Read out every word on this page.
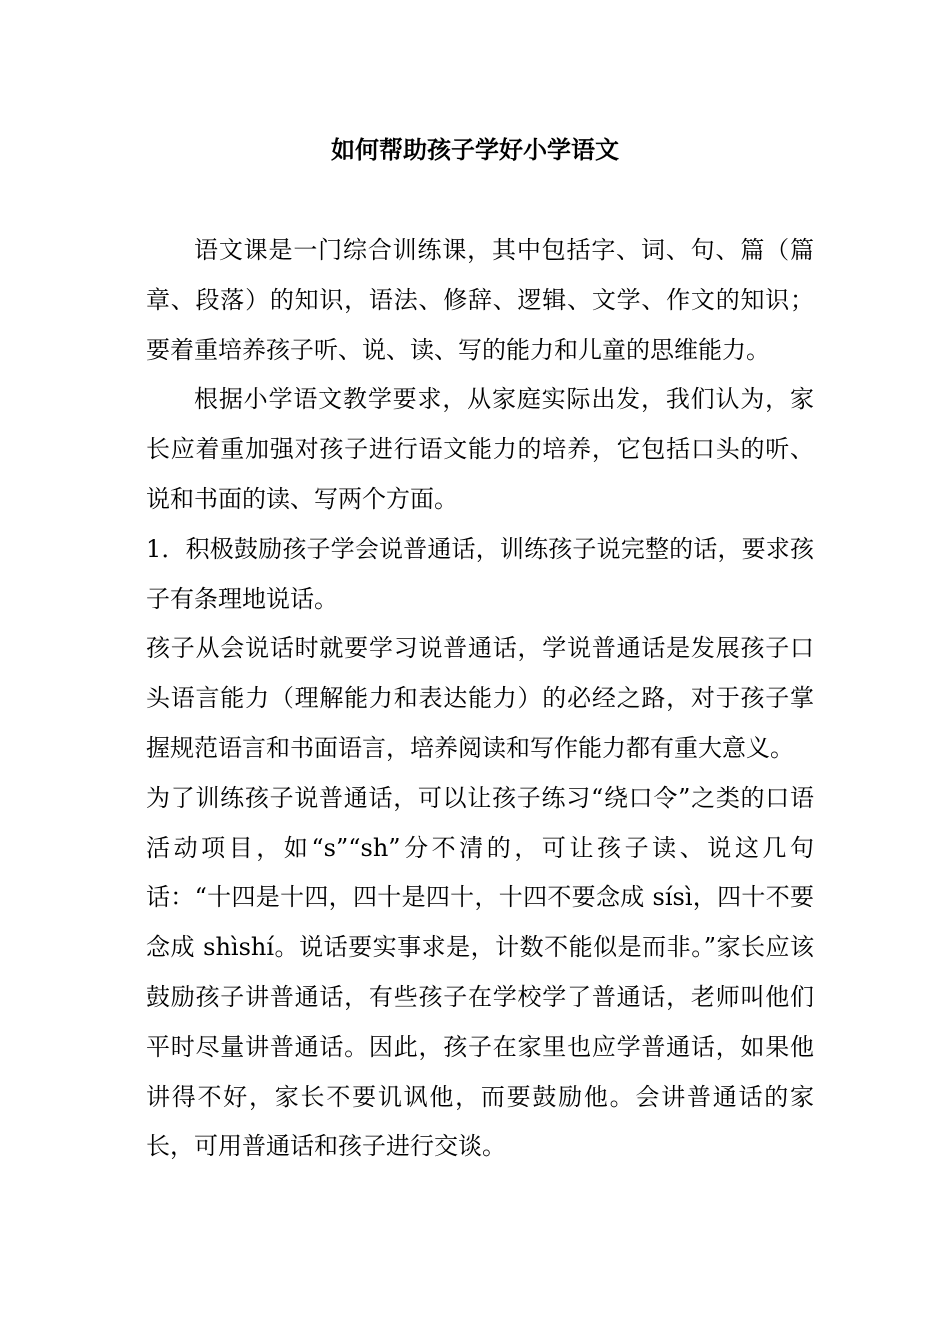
如何帮助孩子学好小学语文

语文课是一门综合训练课，其中包括字、词、句、篇（篇章、段落）的知识，语法、修辞、逻辑、文学、作文的知识；要着重培养孩子听、说、读、写的能力和儿童的思维能力。

根据小学语文教学要求，从家庭实际出发，我们认为，家长应着重加强对孩子进行语文能力的培养，它包括口头的听、说和书面的读、写两个方面。

1．积极鼓励孩子学会说普通话，训练孩子说完整的话，要求孩子有条理地说话。

孩子从会说话时就要学习说普通话，学说普通话是发展孩子口头语言能力（理解能力和表达能力）的必经之路，对于孩子掌握规范语言和书面语言，培养阅读和写作能力都有重大意义。

为了训练孩子说普通话，可以让孩子练习“绕口令”之类的口语活动项目，如“s”“sh”分不清的，可让孩子读、说这几句话：“十四是十四，四十是四十，十四不要念成 sísì，四十不要念成 shìshí。说话要实事求是，计数不能似是而非。”家长应该鼓励孩子讲普通话，有些孩子在学校学了普通话，老师叫他们平时尽量讲普通话。因此，孩子在家里也应学普通话，如果他讲得不好，家长不要讥讽他，而要鼓励他。会讲普通话的家长，可用普通话和孩子进行交谈。
